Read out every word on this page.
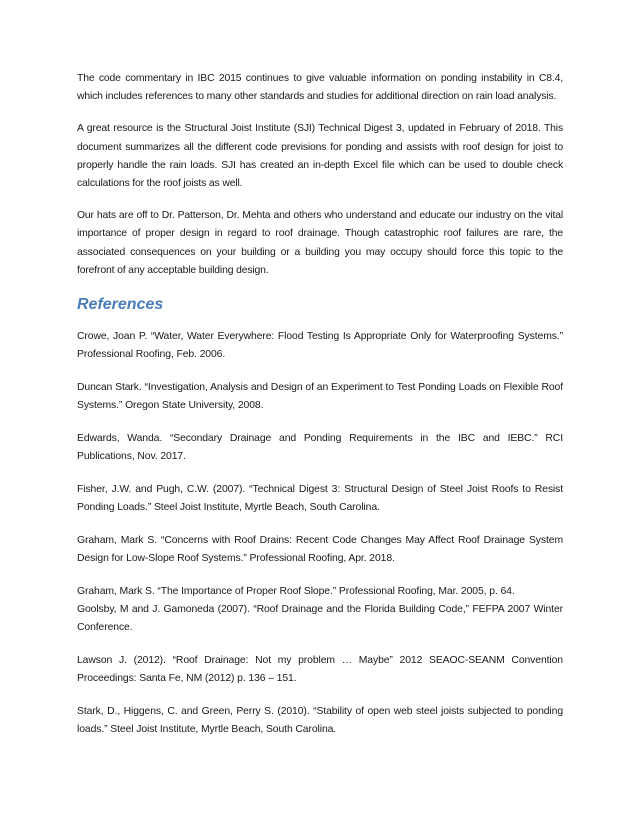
The code commentary in IBC 2015 continues to give valuable information on ponding instability in C8.4, which includes references to many other standards and studies for additional direction on rain load analysis.

A great resource is the Structural Joist Institute (SJI) Technical Digest 3, updated in February of 2018. This document summarizes all the different code previsions for ponding and assists with roof design for joist to properly handle the rain loads. SJI has created an in-depth Excel file which can be used to double check calculations for the roof joists as well.

Our hats are off to Dr. Patterson, Dr. Mehta and others who understand and educate our industry on the vital importance of proper design in regard to roof drainage. Though catastrophic roof failures are rare, the associated consequences on your building or a building you may occupy should force this topic to the forefront of any acceptable building design.

References

Crowe, Joan P. “Water, Water Everywhere: Flood Testing Is Appropriate Only for Waterproofing Systems.” Professional Roofing, Feb. 2006.

Duncan Stark. “Investigation, Analysis and Design of an Experiment to Test Ponding Loads on Flexible Roof Systems.” Oregon State University, 2008.

Edwards, Wanda. “Secondary Drainage and Ponding Requirements in the IBC and IEBC.” RCI Publications, Nov. 2017.

Fisher, J.W. and Pugh, C.W. (2007). “Technical Digest 3: Structural Design of Steel Joist Roofs to Resist Ponding Loads.” Steel Joist Institute, Myrtle Beach, South Carolina.

Graham, Mark S. “Concerns with Roof Drains: Recent Code Changes May Affect Roof Drainage System Design for Low-Slope Roof Systems.” Professional Roofing, Apr. 2018.

Graham, Mark S. “The Importance of Proper Roof Slope.” Professional Roofing, Mar. 2005, p. 64.

Goolsby, M and J. Gamoneda (2007). “Roof Drainage and the Florida Building Code,” FEFPA 2007 Winter Conference.

Lawson J. (2012). “Roof Drainage: Not my problem … Maybe” 2012 SEAOC-SEANM Convention Proceedings: Santa Fe, NM (2012) p. 136 – 151.

Stark, D., Higgens, C. and Green, Perry S. (2010). “Stability of open web steel joists subjected to ponding loads.” Steel Joist Institute, Myrtle Beach, South Carolina.
